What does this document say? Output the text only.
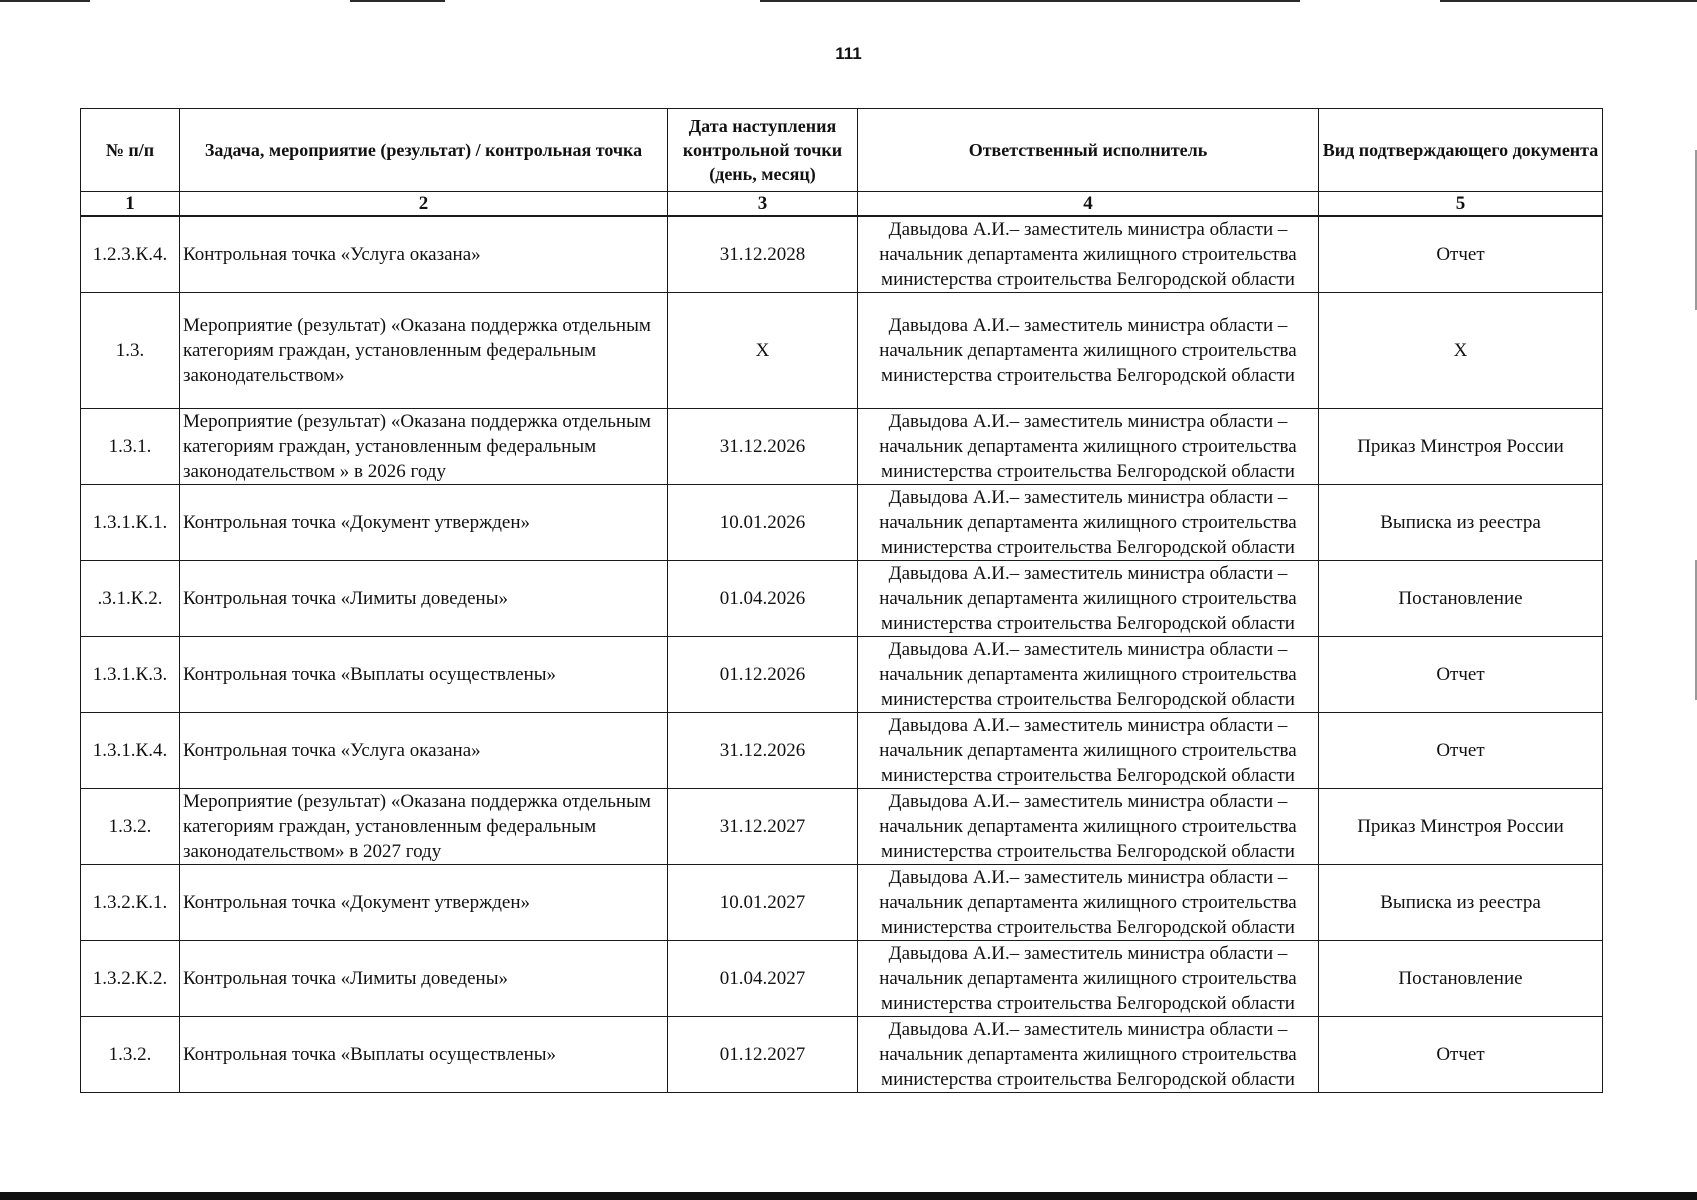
111
№ п/п	Задача, мероприятие (результат) / контрольная точка	Дата наступления контрольной точки (день, месяц)	Ответственный исполнитель	Вид подтверждающего документа
1	2	3	4	5
1.2.3.К.4.	Контрольная точка «Услуга оказана»	31.12.2028	Давыдова А.И.– заместитель министра области – начальник департамента жилищного строительства министерства строительства Белгородской области	Отчет
1.3.	Мероприятие (результат) «Оказана поддержка отдельным категориям граждан, установленным федеральным законодательством»	X	Давыдова А.И.– заместитель министра области – начальник департамента жилищного строительства министерства строительства Белгородской области	X
1.3.1.	Мероприятие (результат) «Оказана поддержка отдельным категориям граждан, установленным федеральным законодательством » в 2026 году	31.12.2026	Давыдова А.И.– заместитель министра области – начальник департамента жилищного строительства министерства строительства Белгородской области	Приказ Минстроя России
1.3.1.К.1.	Контрольная точка «Документ утвержден»	10.01.2026	Давыдова А.И.– заместитель министра области – начальник департамента жилищного строительства министерства строительства Белгородской области	Выписка из реестра
.3.1.К.2.	Контрольная точка «Лимиты доведены»	01.04.2026	Давыдова А.И.– заместитель министра области – начальник департамента жилищного строительства министерства строительства Белгородской области	Постановление
1.3.1.К.3.	Контрольная точка «Выплаты осуществлены»	01.12.2026	Давыдова А.И.– заместитель министра области – начальник департамента жилищного строительства министерства строительства Белгородской области	Отчет
1.3.1.К.4.	Контрольная точка «Услуга оказана»	31.12.2026	Давыдова А.И.– заместитель министра области – начальник департамента жилищного строительства министерства строительства Белгородской области	Отчет
1.3.2.	Мероприятие (результат) «Оказана поддержка отдельным категориям граждан, установленным федеральным законодательством» в 2027 году	31.12.2027	Давыдова А.И.– заместитель министра области – начальник департамента жилищного строительства министерства строительства Белгородской области	Приказ Минстроя России
1.3.2.К.1.	Контрольная точка «Документ утвержден»	10.01.2027	Давыдова А.И.– заместитель министра области – начальник департамента жилищного строительства министерства строительства Белгородской области	Выписка из реестра
1.3.2.К.2.	Контрольная точка «Лимиты доведены»	01.04.2027	Давыдова А.И.– заместитель министра области – начальник департамента жилищного строительства министерства строительства Белгородской области	Постановление
1.3.2.	Контрольная точка «Выплаты осуществлены»	01.12.2027	Давыдова А.И.– заместитель министра области – начальник департамента жилищного строительства министерства строительства Белгородской области	Отчет
